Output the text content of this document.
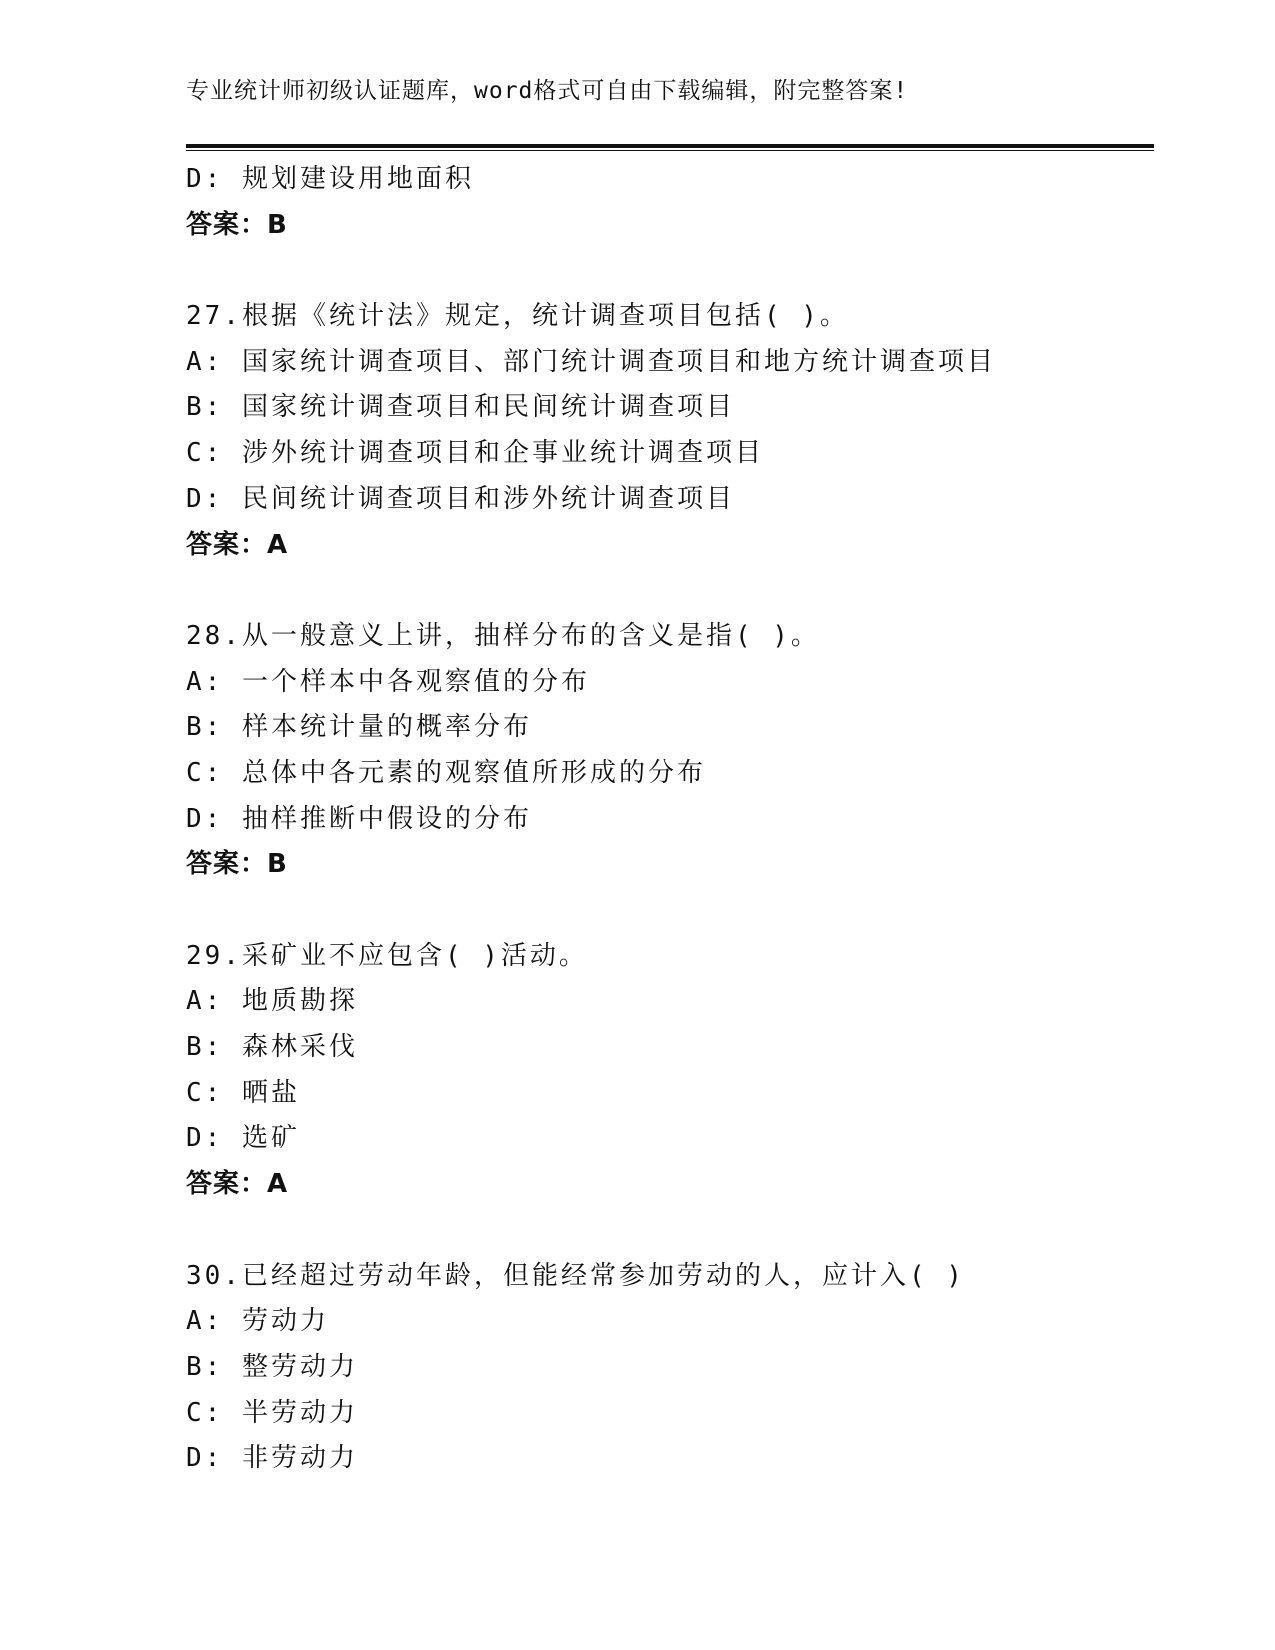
专业统计师初级认证题库，word格式可自由下载编辑，附完整答案!
D: 规划建设用地面积
答案：B
27.根据《统计法》规定，统计调查项目包括( )。
A: 国家统计调查项目、部门统计调查项目和地方统计调查项目
B: 国家统计调查项目和民间统计调查项目
C: 涉外统计调查项目和企事业统计调查项目
D: 民间统计调查项目和涉外统计调查项目
答案：A
28.从一般意义上讲，抽样分布的含义是指( )。
A: 一个样本中各观察值的分布
B: 样本统计量的概率分布
C: 总体中各元素的观察值所形成的分布
D: 抽样推断中假设的分布
答案：B
29.采矿业不应包含( )活动。
A: 地质勘探
B: 森林采伐
C: 晒盐
D: 选矿
答案：A
30.已经超过劳动年龄，但能经常参加劳动的人，应计入( )
A: 劳动力
B: 整劳动力
C: 半劳动力
D: 非劳动力
